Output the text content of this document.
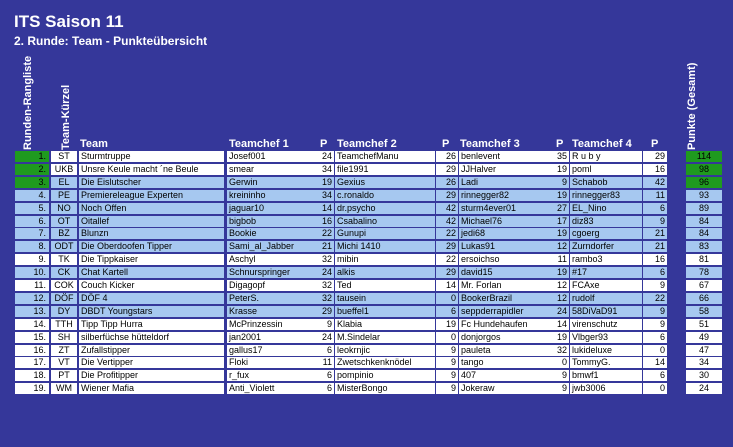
ITS Saison 11
2. Runde: Team - Punkteübersicht
Runden-Rangliste Team-Kürzel	Punkte (Gesamt)
Team	Teamchef 1	P Teamchef 2	P Teamchef 3	P Teamchef 4 P
1.	ST	Sturmtruppe	Josef001	24 TeamchefManu	26 benlevent	35 R u b y	29	114
2. UKB Unsre Keule macht ´ne Beule	smear	34 file1991	29 JJHalver	19 poml	16	98
3.	EL	Die Eislutscher	Gerwin	19 Gexius	26 Ladi	9 Schabob	42	96
4.	PE	Premiereleague Experten	kreininho	34 c.ronaldo	29 rinnegger82	19 rinnegger83	11	93
5.	NO	Noch Offen	jaguar10	14 dr.psycho	42 sturm4ever01	27 EL_Nino	6	89
6.	OT	Oitallef	bigbob	16 Csabalino	42 Michael76	17 diz83	9	84
7.	BZ	Blunzn	Bookie	22 Gunupi	22 jedi68	19 cgoerg	21	84
8. ODT Die Oberdoofen Tipper	Sami_al_Jabber	21 Michi 1410	29 Lukas91	12 Zurndorfer	21	83
9.	TK	Die Tippkaiser	Aschyl	32 mibin	22 ersoichso	11 rambo3	16	81
10.	CK	Chat Kartell	Schnurspringer	24 alkis	29 david15	19 #17	6	78
11. COK Couch Kicker	Digagopf	32 Ted	14 Mr. Forlan	12 FCAxe	9	67
12. DÖF DÖF 4	PeterS.	32 tausein	0 BookerBrazil	12 rudolf	22	66
13.	DY	DBDT Youngstars	Krasse	29 bueffel1	6 seppderrapidler	24 58DiVaD91	9	58
14.	TTH Tipp Tipp Hurra	McPrinzessin	9 Klabia	19 Fc Hundehaufen	14 virenschutz	9	51
15.	SH	silberfüchse hütteldorf	jan2001	24 M.Sindelar	0 donjorgos	19 Vlbger93	6	49
16.	ZT	Zufallstipper	gallus17	6 leokrnjic	9 pauleta	32 lukideluxe	0	47
17.	VT	Die Vertipper	Floki	11 Zwetschkenknödel	9 tango	0 TommyG.	14	34
18.	PT	Die Profitipper	r_fux	6 pompinio	9 407	9 bmwf1	6	30
19.	WM	Wiener Mafia	Anti_Violett	6 MisterBongo	9 Jokeraw	9 jwb3006	0	24
